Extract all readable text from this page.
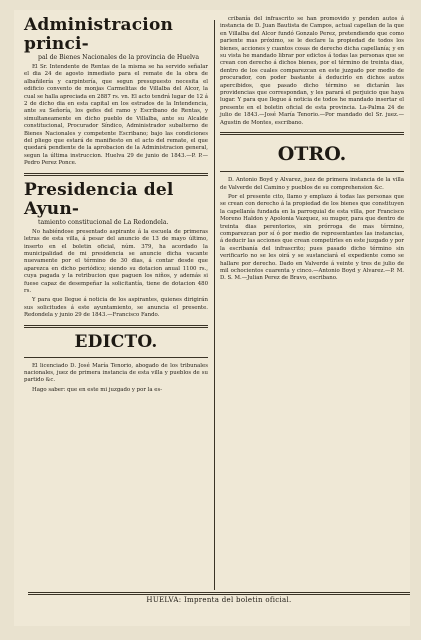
Administracion princi-

pal de Bienes Nacionales de la provincia de Huelva

El Sr. Intendente de Rentas de la misma se ha servido señalar el dia 24 de agosto inmediato para el remate de la obra de albañilería y carpintería, que segun presupuesto necesita el edificio convento de monjas Carmelitas de Villalba del Alcor, la cual se halla apreciada en 2887 rs. vn. El acto tendrá lugar de 12 á 2 de dicho dia en esta capital en los estrados de la Intendencia, ante su Señoría, los gefes del ramo y Escribano de Rentas, y simultaneamente en dicho pueblo de Villalba, ante su Alcalde constitucional, Procurador Síndico, Administrador subalterno de Bienes Nacionales y competente Escribano; bajo las condiciones del pliego que estará de manifiesto en el acto del remate, el que quedará pendiente de la aprobacion de la Administracion general, segun la última instruccion. Huelva 29 de junio de 1843.—P. P.—Pedro Perez Ponce.

Presidencia del Ayun-

tamiento constitucional de La Redondela.

No habiéndose presentado aspirante á la escuela de primeras letras de esta villa, á pesar del anuncio de 13 de mayo último, inserto en el boletin oficial, núm. 379, ha acordado la municipalidad de mi presidencia se anuncie dicha vacante nuevamente por el término de 30 dias, á contar desde que aparezca en dicho periódico; siendo su dotacion anual 1100 rs., cuya pagada y la retribucion que paguen los niños, y además si fuese capaz de desempeñar la solicitantía, tiene de dotacion 480 rs.

Y para que llegue á noticia de los aspirantes, quienes dirigirán sus solicitudes á este ayuntamiento, se anuncia el presente. Redondela y junio 29 de 1843.—Francisco Fando.

EDICTO.

El licenciado D. José María Tenorio, abogado de los tribunales nacionales, juez de primera instancia de esta villa y pueblos de su partido &c.

Hago saber: que en este mi juzgado y por la es-

cribanía del infrascrito se han promovido y penden autos á instancia de D. Juan Bautista de Campos, actual capellan de la que en Villalba del Alcor fundó Gonzalo Perez, pretendiendo que como pariente mas próximo, se le declare la propiedad de todos los bienes, acciones y cuantos cosas de derecho dicha capellanía; y en su vista he mandado librar por edictos á todas las personas que se crean con derecho á dichos bienes, por el término de treinta dias, dentro de los cuales comparezcan en este juzgado por medio de procurador, con poder bastante á deducirlo en dichos autos apercibidos, que pasado dicho término se dictarán las providencias que correspondan, y les parará el perjuicio que haya lugar. Y para que llegue á noticia de todos he mandado insertar el presente en el boletin oficial de esta provincia. La-Palma 24 de julio de 1843.—José María Tenorio.—Por mandado del Sr. juez.—Agustin de Montes, escribano.

OTRO.

D. Antonio Boyd y Alvarez, juez de primera instancia de la villa de Valverde del Camino y pueblos de su comprehension &c.

Por el presente cito, llamo y emplazo á todas las personas que se crean con derecho á la propiedad de los bienes que constituyen la capellanía fundada en la parroquial de esta villa, por Francisco Moreno Haldon y Apolonia Vazquez, su muger, para que dentro de treinta dias perentorios, sin prórroga de mas término, comparezcan por sí ó por medio de representantes las instancias, á deducir las acciones que crean competirles en este juzgado y por la escribanía del infrascrito; pues pasado dicho término sin verificarlo no se les oirá y se sustanciará el expediente como se hallare por derecho. Dado en Valverde á veinte y tres de julio de mil ochocientos cuarenta y cinco.—Antonio Boyd y Alvarez.—P. M. D. S. M.—Julian Perez de Bravo, escribano.

HUELVA: Imprenta del boletin oficial.
